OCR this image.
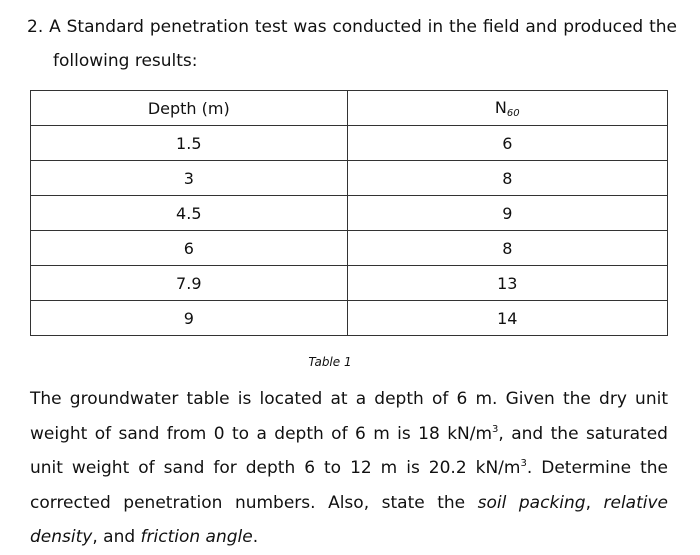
2. A Standard penetration test was conducted in the field and produced the
following results:
Depth (m)	$N_{60}$
1.5	6
3	8
4.5	9
6	8
7.9	13
9	14
Table 1
The groundwater table is located at a depth of 6 m. Given the dry unit weight of sand from 0 to a depth of 6 m is 18 $kN/m^3$, and the saturated unit weight of sand for depth 6 to 12 m is 20.2 $kN/m^3$. Determine the corrected penetration numbers. Also, state the soil packing, relative density, and friction angle.
